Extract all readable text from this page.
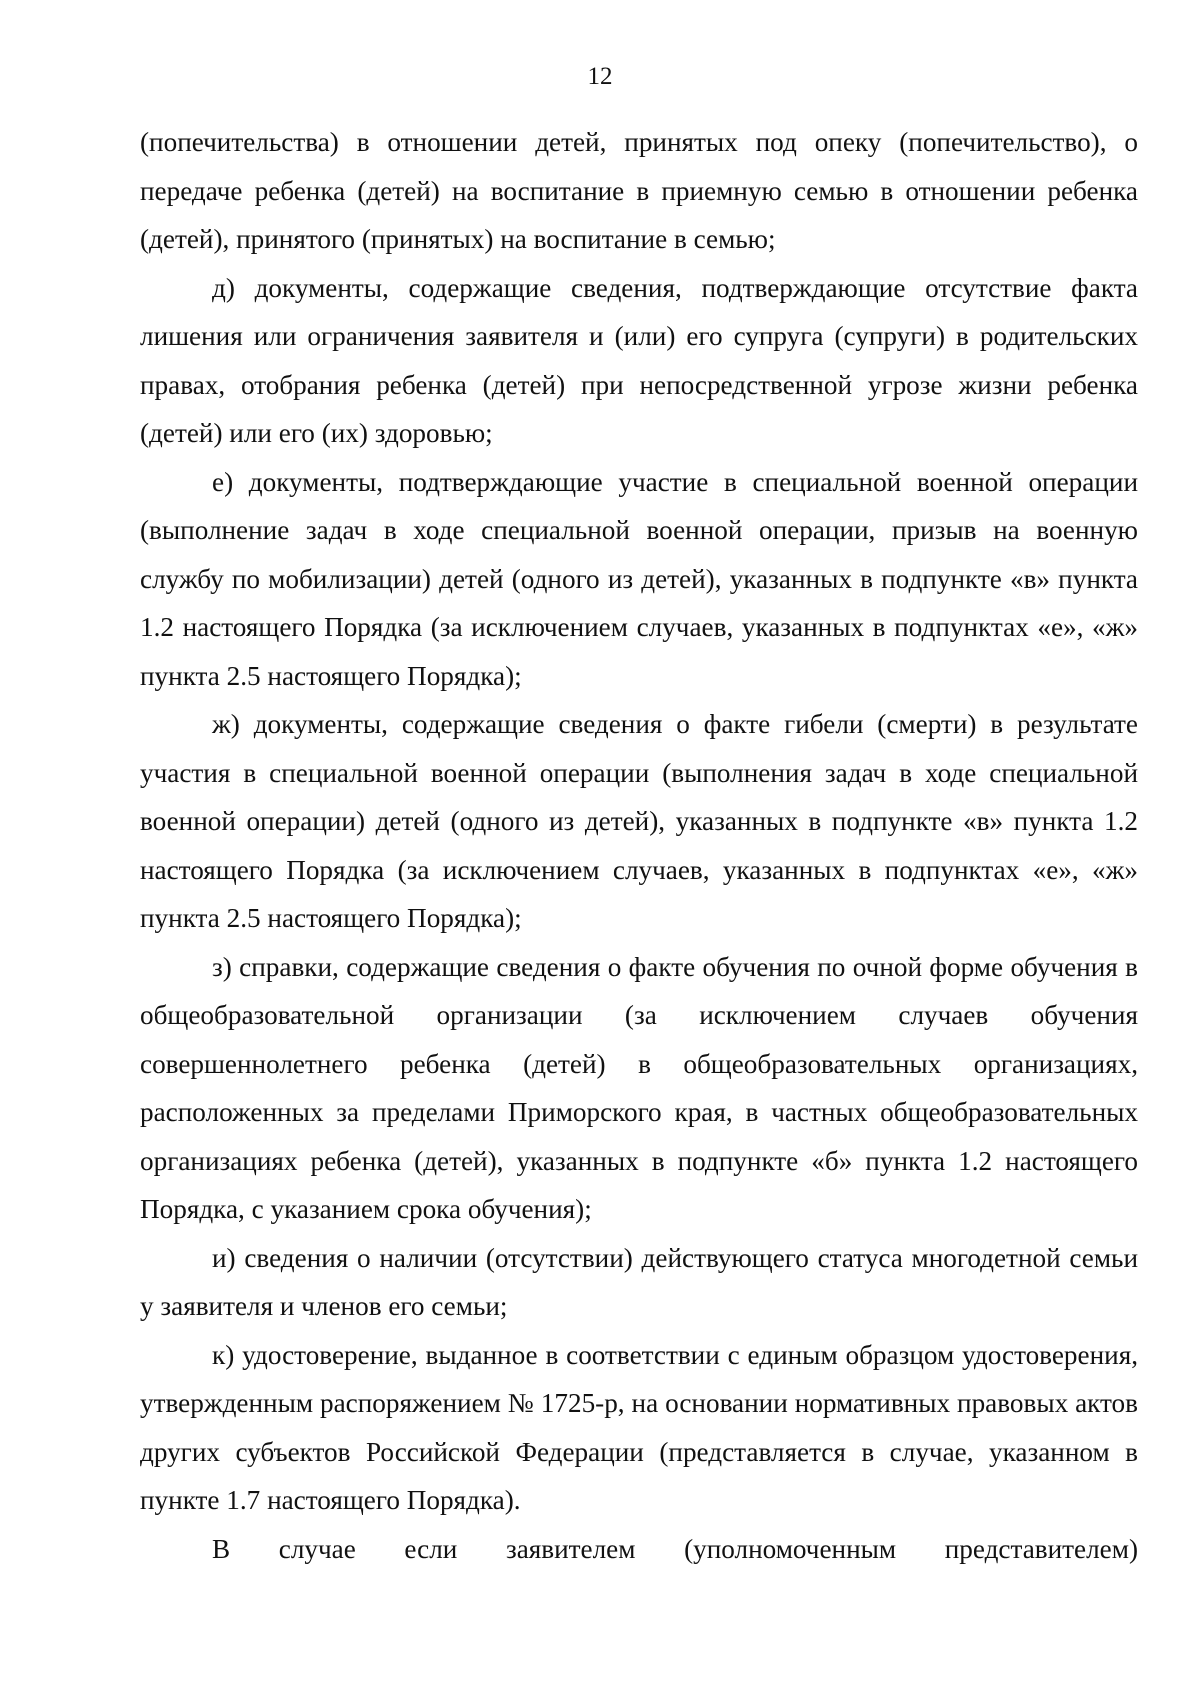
12

(попечительства) в отношении детей, принятых под опеку (попечительство), о передаче ребенка (детей) на воспитание в приемную семью в отношении ребенка (детей), принятого (принятых) на воспитание в семью;

д) документы, содержащие сведения, подтверждающие отсутствие факта лишения или ограничения заявителя и (или) его супруга (супруги) в родительских правах, отобрания ребенка (детей) при непосредственной угрозе жизни ребенка (детей) или его (их) здоровью;

е) документы, подтверждающие участие в специальной военной операции (выполнение задач в ходе специальной военной операции, призыв на военную службу по мобилизации) детей (одного из детей), указанных в подпункте «в» пункта 1.2 настоящего Порядка (за исключением случаев, указанных в подпунктах «е», «ж» пункта 2.5 настоящего Порядка);

ж) документы, содержащие сведения о факте гибели (смерти) в результате участия в специальной военной операции (выполнения задач в ходе специальной военной операции) детей (одного из детей), указанных в подпункте «в» пункта 1.2 настоящего Порядка (за исключением случаев, указанных в подпунктах «е», «ж» пункта 2.5 настоящего Порядка);

з) справки, содержащие сведения о факте обучения по очной форме обучения в общеобразовательной организации (за исключением случаев обучения совершеннолетнего ребенка (детей) в общеобразовательных организациях, расположенных за пределами Приморского края, в частных общеобразовательных организациях ребенка (детей), указанных в подпункте «б» пункта 1.2 настоящего Порядка, с указанием срока обучения);

и) сведения о наличии (отсутствии) действующего статуса многодетной семьи у заявителя и членов его семьи;

к) удостоверение, выданное в соответствии с единым образцом удостоверения, утвержденным распоряжением № 1725-р, на основании нормативных правовых актов других субъектов Российской Федерации (представляется в случае, указанном в пункте 1.7 настоящего Порядка).

В случае если заявителем (уполномоченным представителем)
